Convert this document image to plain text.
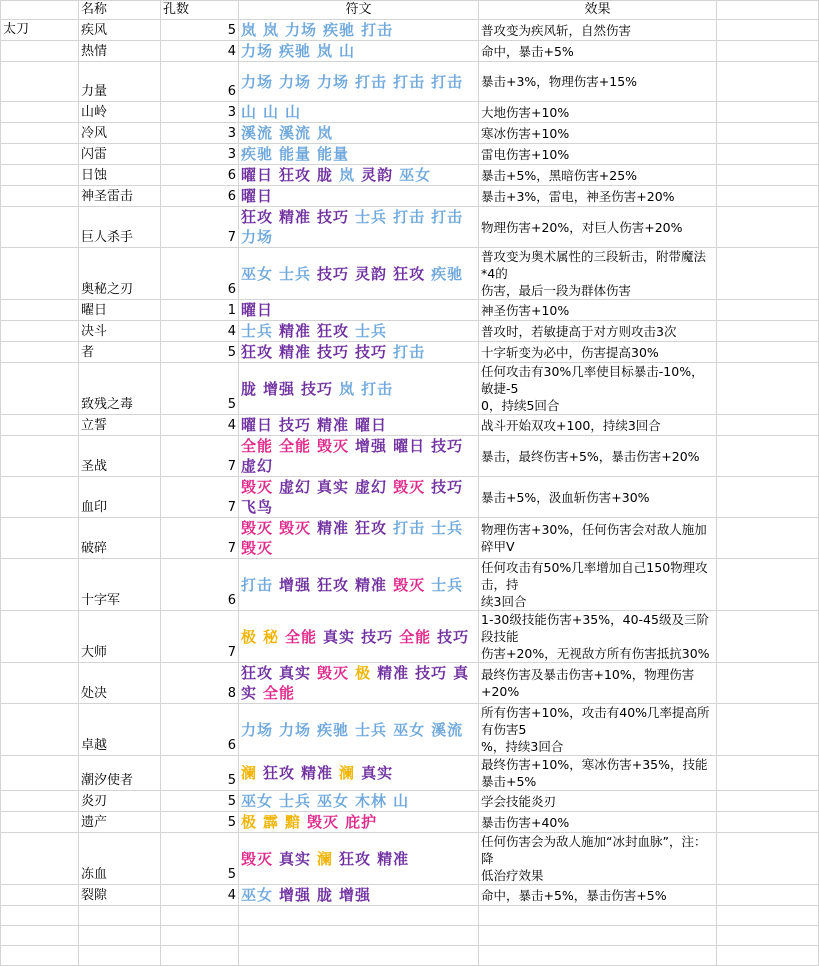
	名称	孔数	符文	效果	
太刀	疾风	5	岚 岚 力场 疾驰 打击	普攻变为疾风斩，自然伤害	

	热情	4	力场 疾驰 岚 山	命中，暴击+5%	

	力量	6	力场 力场 力场 打击 打击 打击	暴击+3%，物理伤害+15%	

	山岭	3	山 山 山	大地伤害+10%	

	冷风	3	溪流 溪流 岚	寒冰伤害+10%	

	闪雷	3	疾驰 能量 能量	雷电伤害+10%	

	日蚀	6	曜日 狂攻 胧 岚 灵韵 巫女	暴击+5%，黑暗伤害+25%	

	神圣雷击	6	曜日	暴击+3%，雷电，神圣伤害+20%	

	巨人杀手	7	狂攻 精准 技巧 士兵 打击 打击力场	物理伤害+20%，对巨人伤害+20%	

	奥秘之刃	6	巫女 士兵 技巧 灵韵 狂攻 疾驰	普攻变为奥术属性的三段斩击，附带魔法*4的
伤害，最后一段为群体伤害	

	曜日	1	曜日	神圣伤害+10%	

	决斗	4	士兵 精准 狂攻 士兵	普攻时，若敏捷高于对方则攻击3次	

	者	5	狂攻 精准 技巧 技巧 打击	十字斩变为必中，伤害提高30%	

	致残之毒	5	胧 增强 技巧 岚 打击	任何攻击有30%几率使目标暴击-10%，敏捷-5
0，持续5回合	

	立誓	4	曜日 技巧 精准 曜日	战斗开始双攻+100，持续3回合	

	圣战	7	全能 全能 毁灭 增强 曜日 技巧虚幻	暴击，最终伤害+5%，暴击伤害+20%	

	血印	7	毁灭 虚幻 真实 虚幻 毁灭 技巧飞鸟	暴击+5%，汲血斩伤害+30%	

	破碎	7	毁灭 毁灭 精准 狂攻 打击 士兵毁灭	物理伤害+30%，任何伤害会对敌人施加碎甲V	

	十字军	6	打击 增强 狂攻 精准 毁灭 士兵	任何攻击有50%几率增加自己150物理攻击，持
续3回合	

	大师	7	极 秘 全能 真实 技巧 全能 技巧	1-30级技能伤害+35%，40-45级及三阶段技能
伤害+20%，无视敌方所有伤害抵抗30%	

	处决	8	狂攻 真实 毁灭 极 精准 技巧 真实 全能	最终伤害及暴击伤害+10%，物理伤害+20%	

	卓越	6	力场 力场 疾驰 士兵 巫女 溪流	所有伤害+10%，攻击有40%几率提高所有伤害5
%，持续3回合	

	潮汐使者	5	澜 狂攻 精准 澜 真实	最终伤害+10%，寒冰伤害+35%，技能暴击+5%	

	炎刃	5	巫女 士兵 巫女 木林 山	学会技能炎刃	

	遗产	5	极 霹 黯 毁灭 庇护	暴击伤害+40%	

	冻血	5	毁灭 真实 澜 狂攻 精准	任何伤害会为敌人施加“冰封血脉”，注：降
低治疗效果	

	裂隙	4	巫女 增强 胧 增强	命中，暴击+5%，暴击伤害+5%	
